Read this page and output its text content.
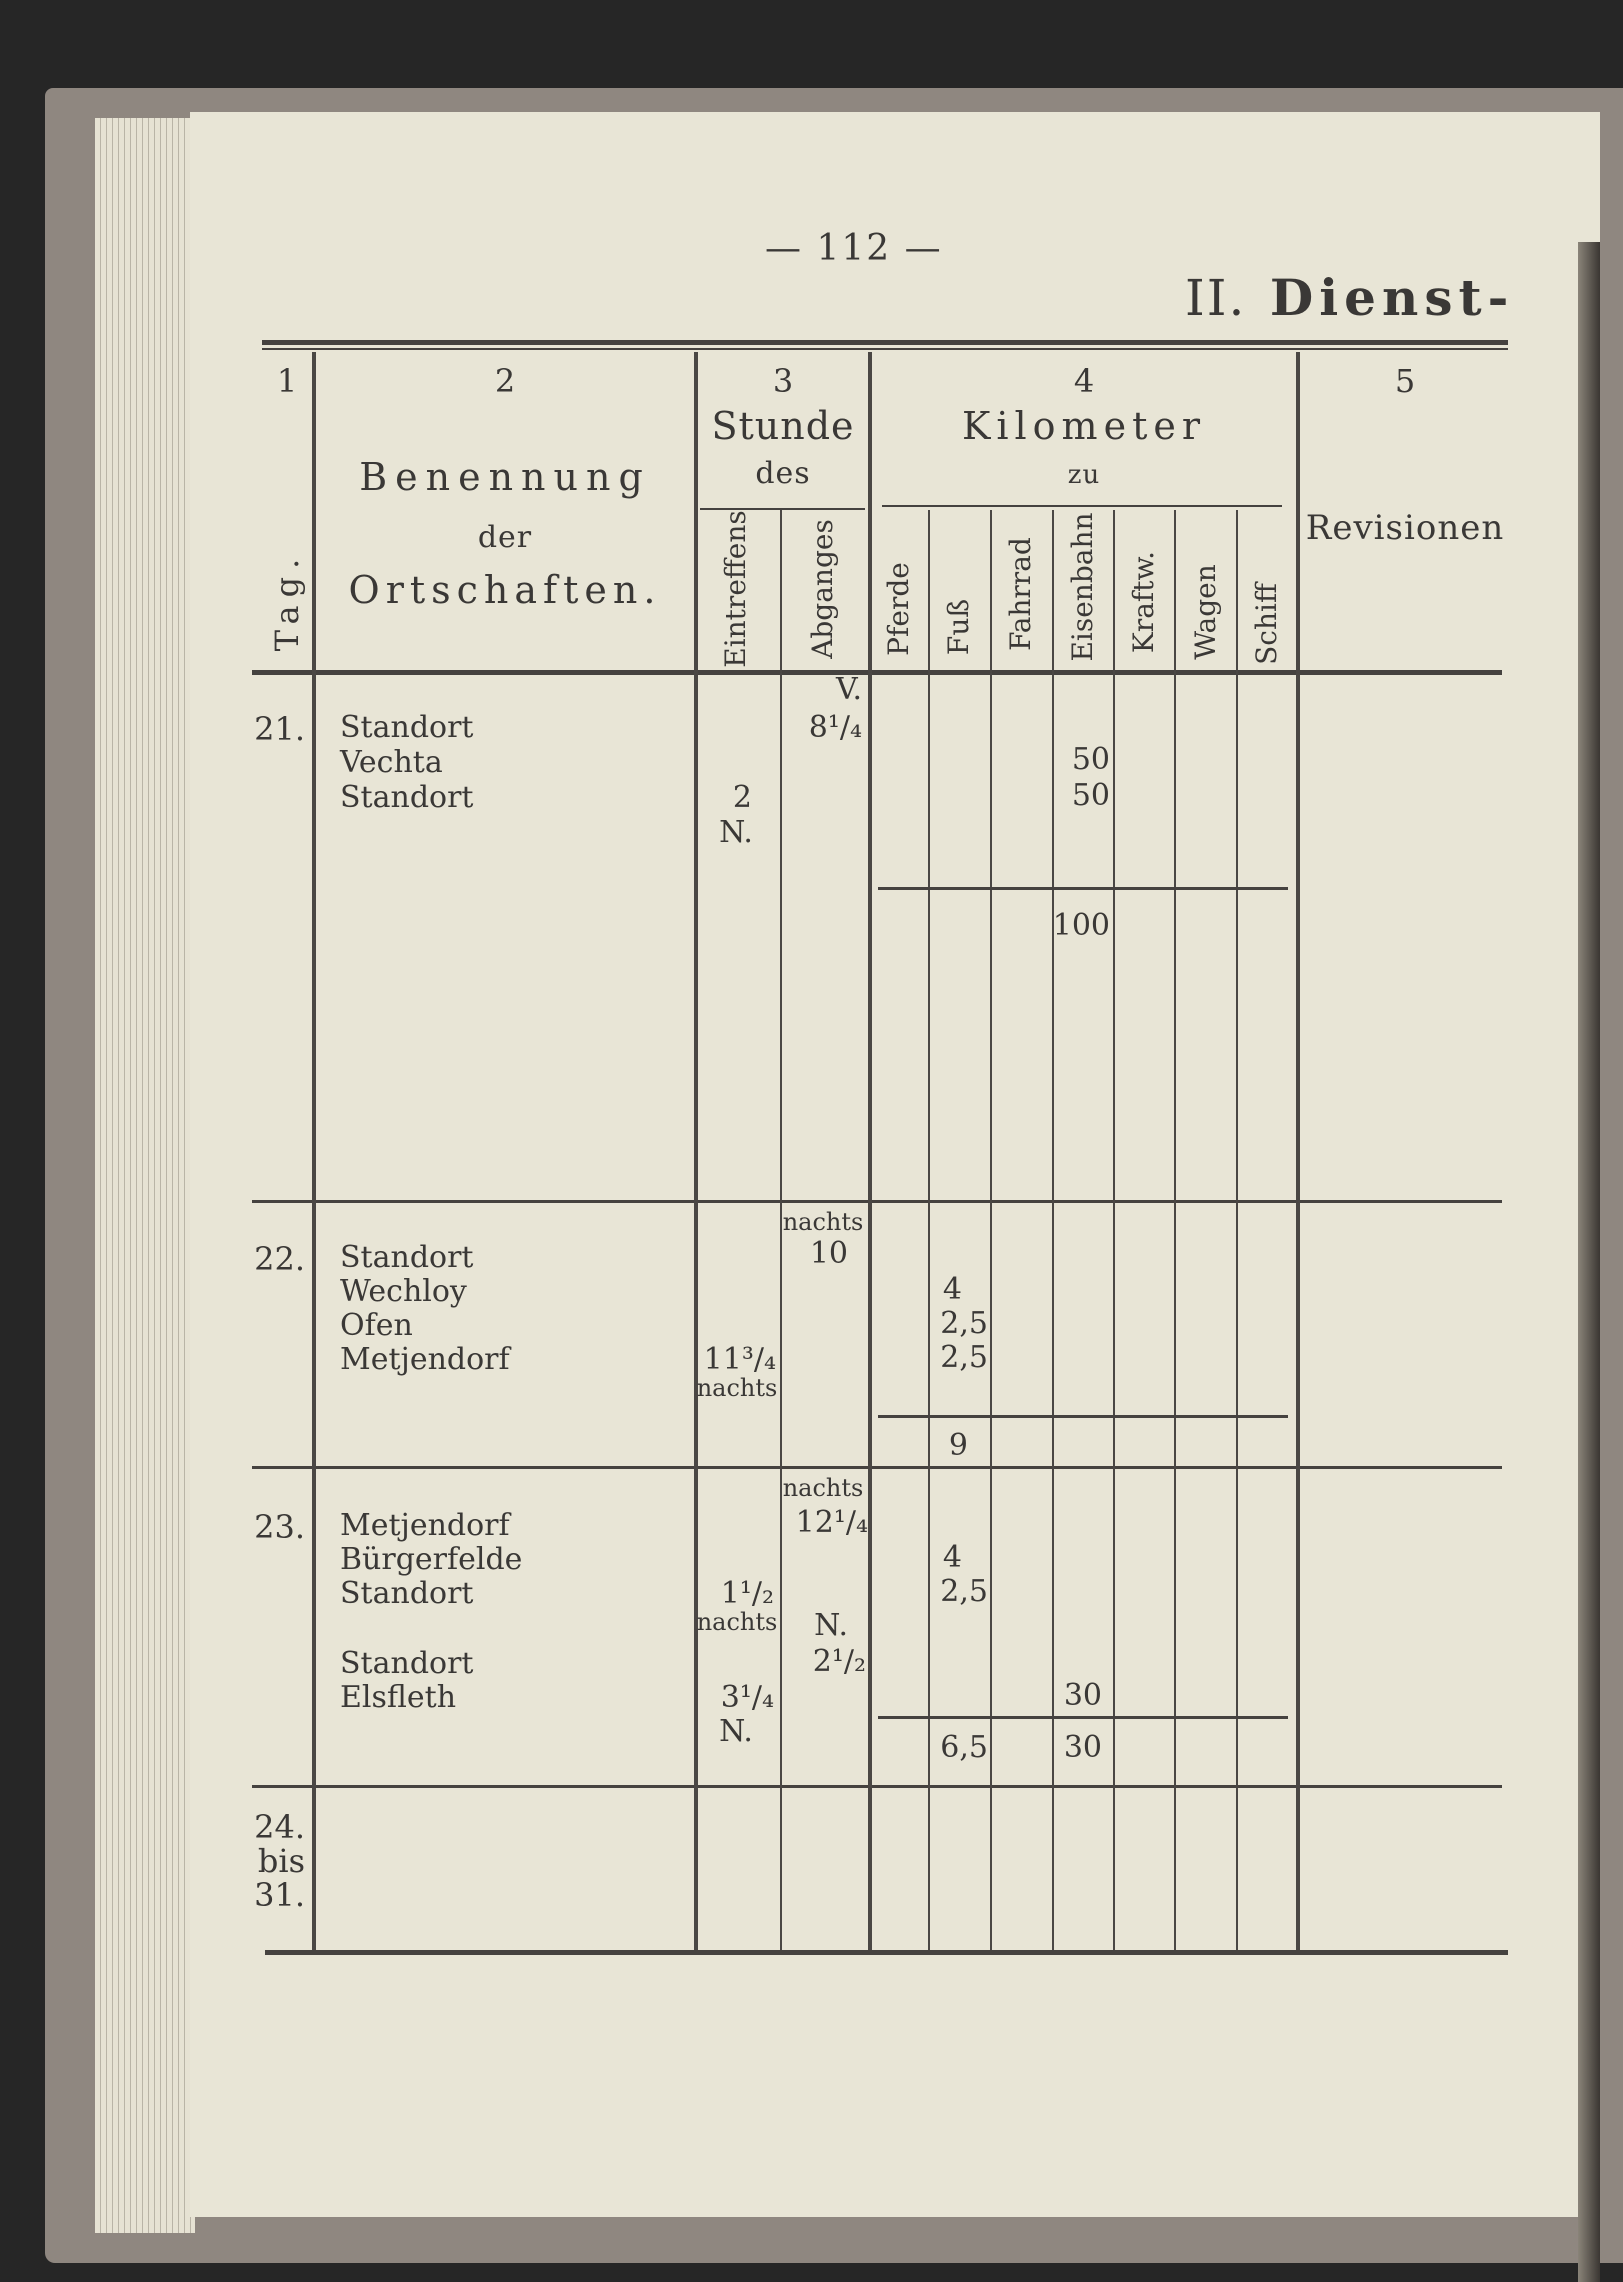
— 112 —
II. Dienst-
1
Tag.
2
Benennung
der
Ortschaften.
3
Stunde
des
Eintreffens Abganges
4
Kilometer
zu
Pferde Fuß Fahrrad Eisenbahn Kraftw. Wagen Schiff
5
Revisionen
21. Standort
Vechta
Standort
V.
8¹/₄
2
N.
50
50
100
nachts
10
22. Standort
Wechloy
Ofen
Metjendorf
4
2,5
2,5
11³/₄
nachts
9
nachts
12¹/₄
23. Metjendorf
Bürgerfelde
Standort
Standort
Elsfleth
4
2,5
1¹/₂
nachts	N.
2¹/₂
3¹/₄
N.
30
6,5	30
24.
bis
31.
